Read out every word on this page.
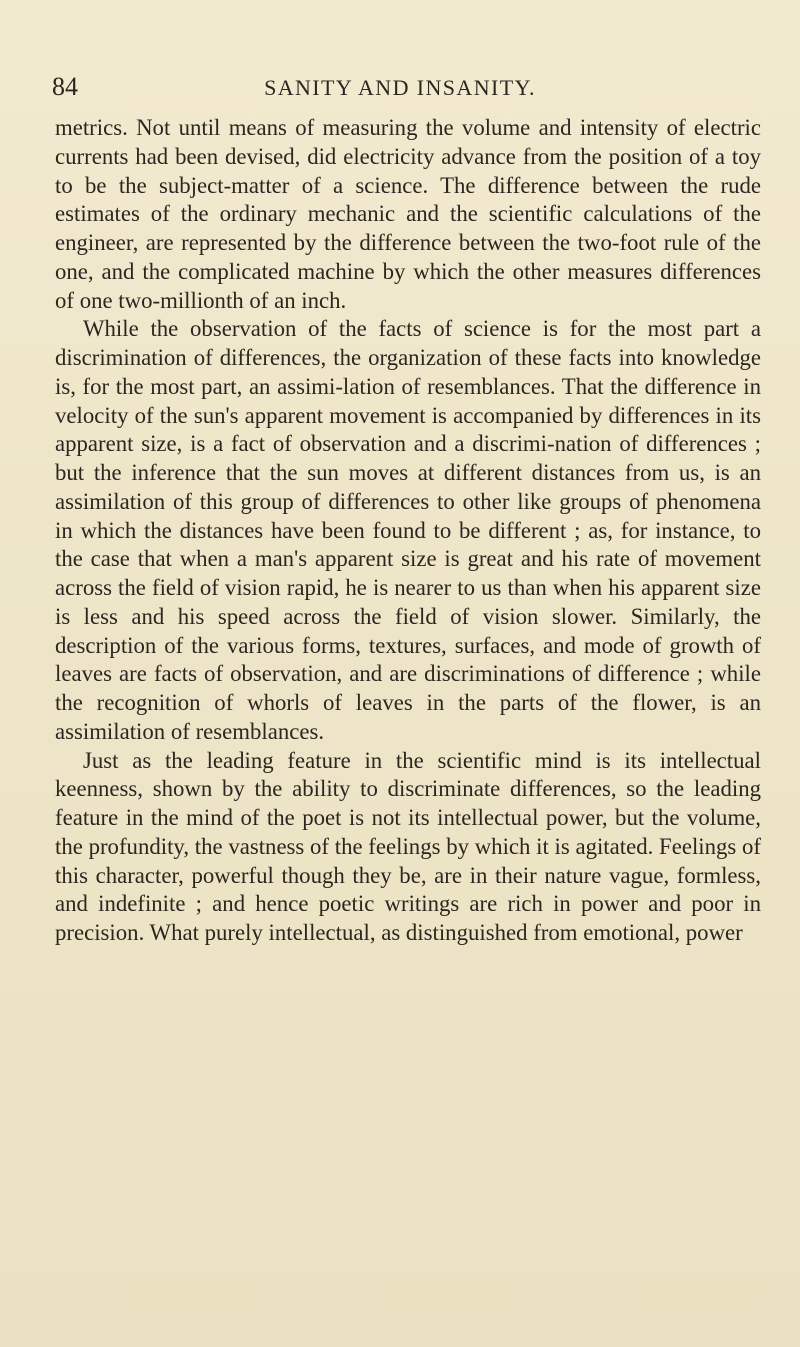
84	SANITY AND INSANITY.

metrics. Not until means of measuring the volume and intensity of electric currents had been devised, did electricity advance from the position of a toy to be the subject-matter of a science. The difference between the rude estimates of the ordinary mechanic and the scientific calculations of the engineer, are represented by the difference between the two-foot rule of the one, and the complicated machine by which the other measures differences of one two-millionth of an inch.

While the observation of the facts of science is for the most part a discrimination of differences, the organization of these facts into knowledge is, for the most part, an assimi-lation of resemblances. That the difference in velocity of the sun's apparent movement is accompanied by differences in its apparent size, is a fact of observation and a discrimi-nation of differences ; but the inference that the sun moves at different distances from us, is an assimilation of this group of differences to other like groups of phenomena in which the distances have been found to be different ; as, for instance, to the case that when a man's apparent size is great and his rate of movement across the field of vision rapid, he is nearer to us than when his apparent size is less and his speed across the field of vision slower. Similarly, the description of the various forms, textures, surfaces, and mode of growth of leaves are facts of observation, and are discriminations of difference ; while the recognition of whorls of leaves in the parts of the flower, is an assimilation of resemblances.

Just as the leading feature in the scientific mind is its intellectual keenness, shown by the ability to discriminate differences, so the leading feature in the mind of the poet is not its intellectual power, but the volume, the profundity, the vastness of the feelings by which it is agitated. Feelings of this character, powerful though they be, are in their nature vague, formless, and indefinite ; and hence poetic writings are rich in power and poor in precision. What purely intellectual, as distinguished from emotional, power
